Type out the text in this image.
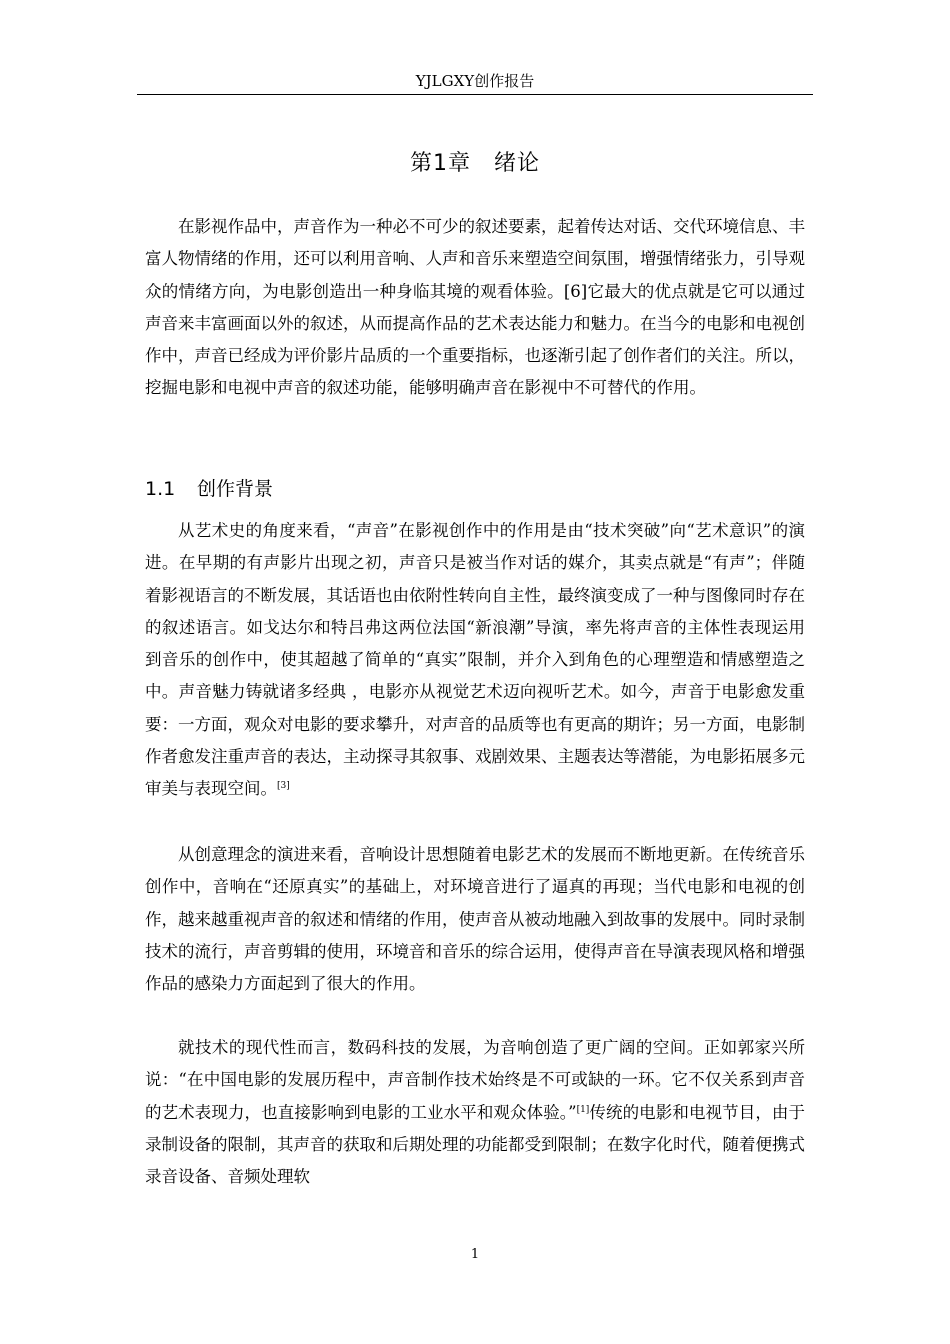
YJLGXY创作报告
第1章　绪论

在影视作品中，声音作为一种必不可少的叙述要素，起着传达对话、交代环境信息、丰富人物情绪的作用，还可以利用音响、人声和音乐来塑造空间氛围，增强情绪张力，引导观众的情绪方向，为电影创造出一种身临其境的观看体验。[6]它最大的优点就是它可以通过声音来丰富画面以外的叙述，从而提高作品的艺术表达能力和魅力。在当今的电影和电视创作中，声音已经成为评价影片品质的一个重要指标，也逐渐引起了创作者们的关注。所以，挖掘电影和电视中声音的叙述功能，能够明确声音在影视中不可替代的作用。

1.1 创作背景

从艺术史的角度来看，“声音”在影视创作中的作用是由“技术突破”向“艺术意识”的演进。在早期的有声影片出现之初，声音只是被当作对话的媒介，其卖点就是“有声”；伴随着影视语言的不断发展，其话语也由依附性转向自主性，最终演变成了一种与图像同时存在的叙述语言。如戈达尔和特吕弗这两位法国“新浪潮”导演，率先将声音的主体性表现运用到音乐的创作中，使其超越了简单的“真实”限制，并介入到角色的心理塑造和情感塑造之中。声音魅力铸就诸多经典 ，电影亦从视觉艺术迈向视听艺术。如今，声音于电影愈发重要：一方面，观众对电影的要求攀升，对声音的品质等也有更高的期许；另一方面，电影制作者愈发注重声音的表达，主动探寻其叙事、戏剧效果、主题表达等潜能，为电影拓展多元审美与表现空间。[3]

从创意理念的演进来看，音响设计思想随着电影艺术的发展而不断地更新。在传统音乐创作中，音响在“还原真实”的基础上，对环境音进行了逼真的再现；当代电影和电视的创作，越来越重视声音的叙述和情绪的作用，使声音从被动地融入到故事的发展中。同时录制技术的流行，声音剪辑的使用，环境音和音乐的综合运用，使得声音在导演表现风格和增强作品的感染力方面起到了很大的作用。

就技术的现代性而言，数码科技的发展，为音响创造了更广阔的空间。正如郭家兴所说：“在中国电影的发展历程中，声音制作技术始终是不可或缺的一环。它不仅关系到声音的艺术表现力，也直接影响到电影的工业水平和观众体验。”[1]传统的电影和电视节目，由于录制设备的限制，其声音的获取和后期处理的功能都受到限制；在数字化时代，随着便携式录音设备、音频处理软

1
